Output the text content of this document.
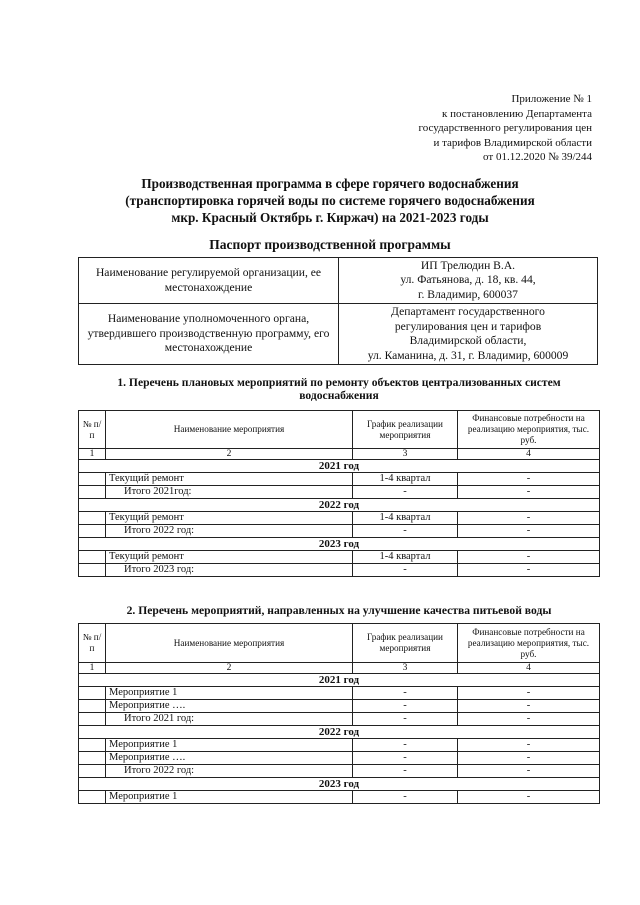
Приложение № 1
к постановлению Департамента
государственного регулирования цен
и тарифов Владимирской области
от 01.12.2020 № 39/244
Производственная программа в сфере горячего водоснабжения
(транспортировка горячей воды по системе горячего водоснабжения
мкр. Красный Октябрь г. Киржач) на 2021-2023 годы
Паспорт производственной программы
Наименование регулируемой организации, ее местонахождение	ИП Трелюдин В.А.
ул. Фатьянова, д. 18, кв. 44,
г. Владимир, 600037

Наименование уполномоченного органа, утвердившего производственную программу, его местонахождение	Департамент государственного
регулирования цен и тарифов
Владимирской области,
ул. Каманина, д. 31, г. Владимир, 600009
1. Перечень плановых мероприятий по ремонту объектов централизованных систем
водоснабжения
№ п/п	Наименование мероприятия	График реализации мероприятия	Финансовые потребности на реализацию мероприятия, тыс. руб.
1	2	3	4
2021 год			
	Текущий ремонт	1-4 квартал	-
	Итого 2021год:	-	-
2022 год			
	Текущий ремонт	1-4 квартал	-
	Итого 2022 год:	-	-
2023 год			
	Текущий ремонт	1-4 квартал	-
	Итого 2023 год:	-	-
2. Перечень мероприятий, направленных на улучшение качества питьевой воды
№ п/п	Наименование мероприятия	График реализации мероприятия	Финансовые потребности на реализацию мероприятия, тыс. руб.
1	2	3	4
2021 год			
	Мероприятие 1	-	-
	Мероприятие ….	-	-
	Итого 2021 год:	-	-
2022 год			
	Мероприятие 1	-	-
	Мероприятие ….	-	-
	Итого 2022 год:	-	-
2023 год			
	Мероприятие 1	-	-
